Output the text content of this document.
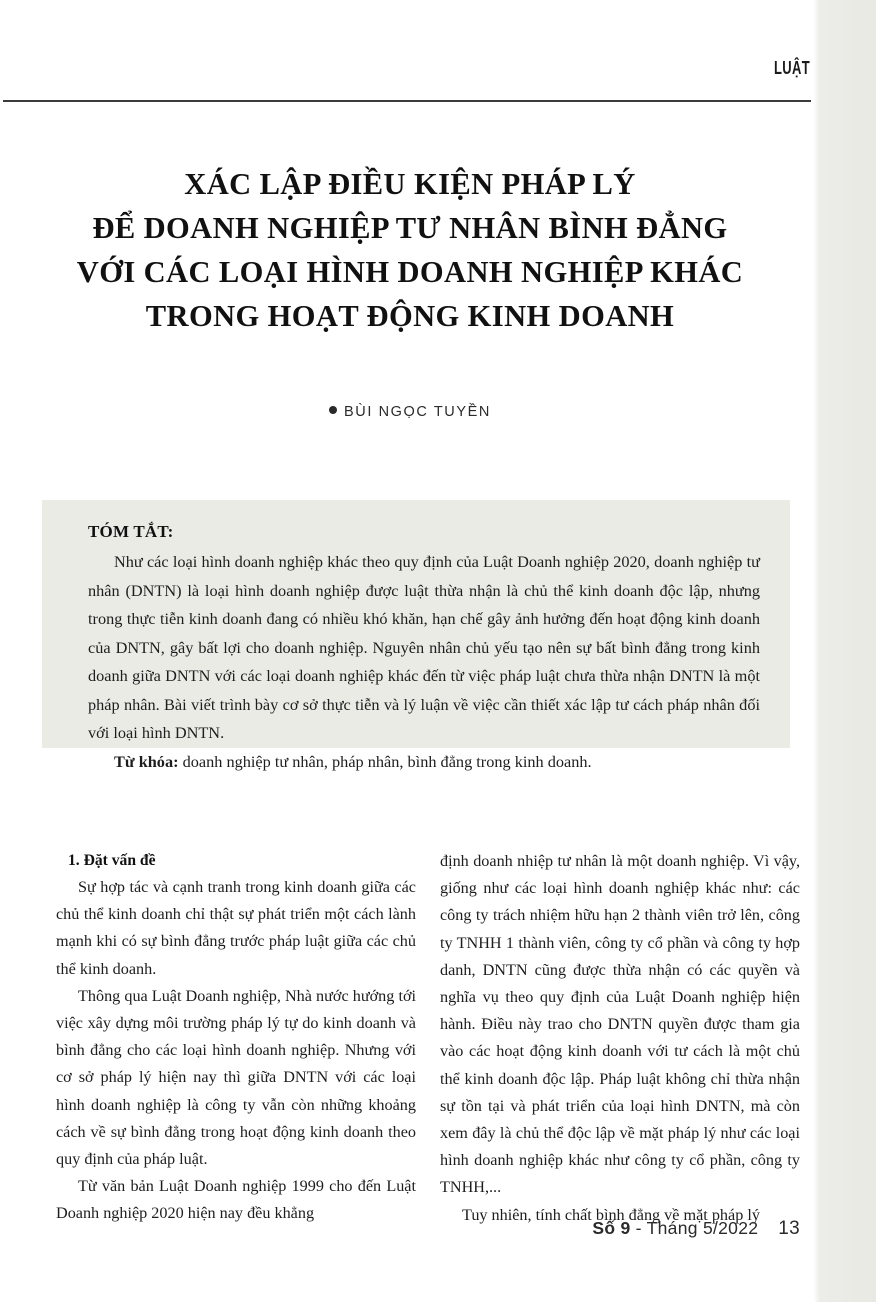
LUẬT
XÁC LẬP ĐIỀU KIỆN PHÁP LÝ
ĐỂ DOANH NGHIỆP TƯ NHÂN BÌNH ĐẲNG
VỚI CÁC LOẠI HÌNH DOANH NGHIỆP KHÁC
TRONG HOẠT ĐỘNG KINH DOANH
BÙI NGỌC TUYỀN
TÓM TẮT:

Như các loại hình doanh nghiệp khác theo quy định của Luật Doanh nghiệp 2020, doanh nghiệp tư nhân (DNTN) là loại hình doanh nghiệp được luật thừa nhận là chủ thể kinh doanh độc lập, nhưng trong thực tiễn kinh doanh đang có nhiều khó khăn, hạn chế gây ảnh hưởng đến hoạt động kinh doanh của DNTN, gây bất lợi cho doanh nghiệp. Nguyên nhân chủ yếu tạo nên sự bất bình đẳng trong kinh doanh giữa DNTN với các loại doanh nghiệp khác đến từ việc pháp luật chưa thừa nhận DNTN là một pháp nhân. Bài viết trình bày cơ sở thực tiễn và lý luận về việc cần thiết xác lập tư cách pháp nhân đối với loại hình DNTN.

Từ khóa: doanh nghiệp tư nhân, pháp nhân, bình đẳng trong kinh doanh.

1. Đặt vấn đề

Sự hợp tác và cạnh tranh trong kinh doanh giữa các chủ thể kinh doanh chỉ thật sự phát triển một cách lành mạnh khi có sự bình đẳng trước pháp luật giữa các chủ thể kinh doanh.

Thông qua Luật Doanh nghiệp, Nhà nước hướng tới việc xây dựng môi trường pháp lý tự do kinh doanh và bình đẳng cho các loại hình doanh nghiệp. Nhưng với cơ sở pháp lý hiện nay thì giữa DNTN với các loại hình doanh nghiệp là công ty vẫn còn những khoảng cách về sự bình đẳng trong hoạt động kinh doanh theo quy định của pháp luật.

Từ văn bản Luật Doanh nghiệp 1999 cho đến Luật Doanh nghiệp 2020 hiện nay đều khẳng

định doanh nhiệp tư nhân là một doanh nghiệp. Vì vậy, giống như các loại hình doanh nghiệp khác như: các công ty trách nhiệm hữu hạn 2 thành viên trở lên, công ty TNHH 1 thành viên, công ty cổ phần và công ty hợp danh, DNTN cũng được thừa nhận có các quyền và nghĩa vụ theo quy định của Luật Doanh nghiệp hiện hành. Điều này trao cho DNTN quyền được tham gia vào các hoạt động kinh doanh với tư cách là một chủ thể kinh doanh độc lập. Pháp luật không chỉ thừa nhận sự tồn tại và phát triển của loại hình DNTN, mà còn xem đây là chủ thể độc lập về mặt pháp lý như các loại hình doanh nghiệp khác như công ty cổ phần, công ty TNHH,...

Tuy nhiên, tính chất bình đẳng về mặt pháp lý

Số 9 - Tháng 5/2022 13
